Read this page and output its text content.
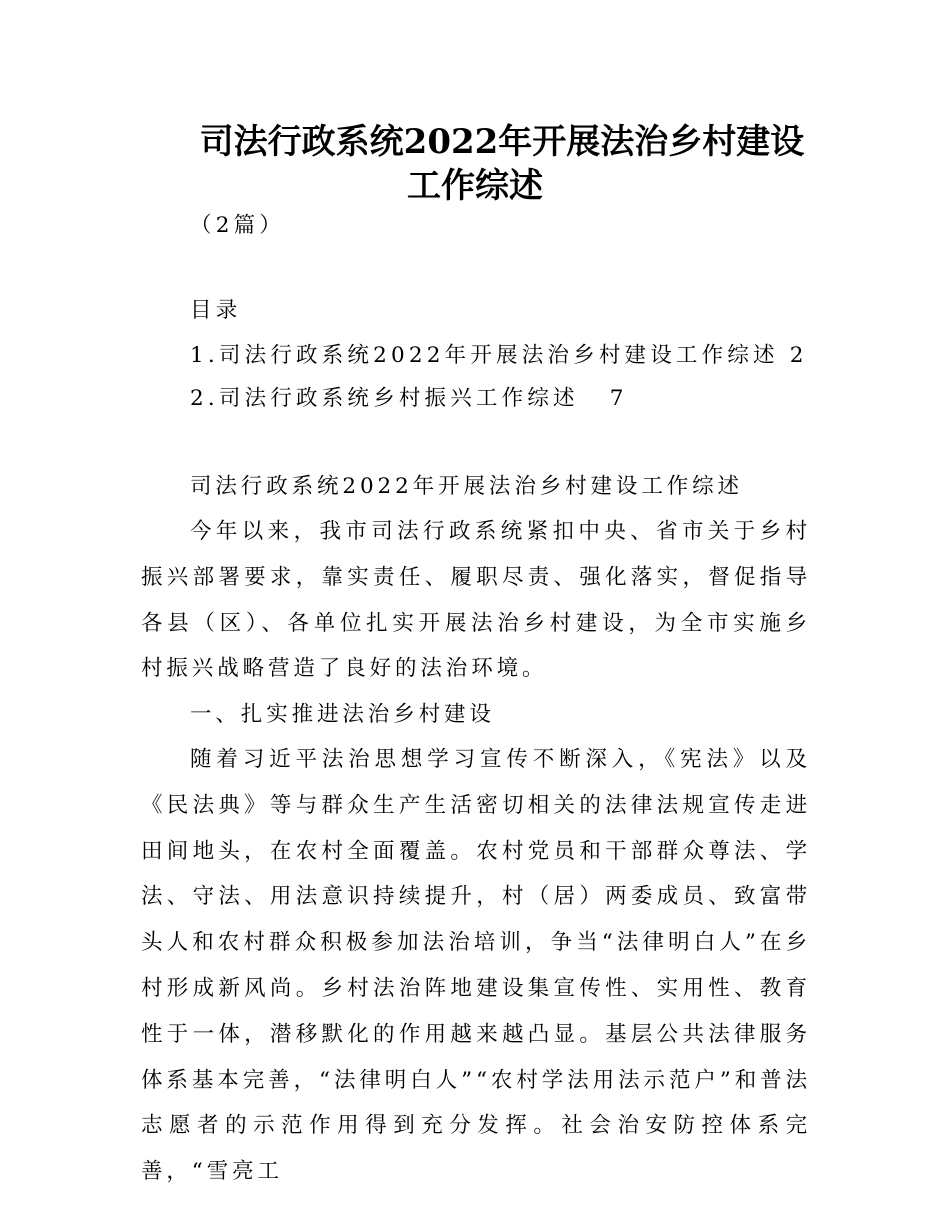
司法行政系统2022年开展法治乡村建设
工作综述
（2篇）
目录
1.司法行政系统2022年开展法治乡村建设工作综述 2
2.司法行政系统乡村振兴工作综述 7
司法行政系统2022年开展法治乡村建设工作综述
今年以来，我市司法行政系统紧扣中央、省市关于乡村振兴部署要求，靠实责任、履职尽责、强化落实，督促指导各县（区）、各单位扎实开展法治乡村建设，为全市实施乡村振兴战略营造了良好的法治环境。
一、扎实推进法治乡村建设
随着习近平法治思想学习宣传不断深入，《宪法》以及《民法典》等与群众生产生活密切相关的法律法规宣传走进田间地头，在农村全面覆盖。农村党员和干部群众尊法、学法、守法、用法意识持续提升，村（居）两委成员、致富带头人和农村群众积极参加法治培训，争当“法律明白人”在乡村形成新风尚。乡村法治阵地建设集宣传性、实用性、教育性于一体，潜移默化的作用越来越凸显。基层公共法律服务体系基本完善，“法律明白人”“农村学法用法示范户”和普法志愿者的示范作用得到充分发挥。社会治安防控体系完善，“雪亮工
